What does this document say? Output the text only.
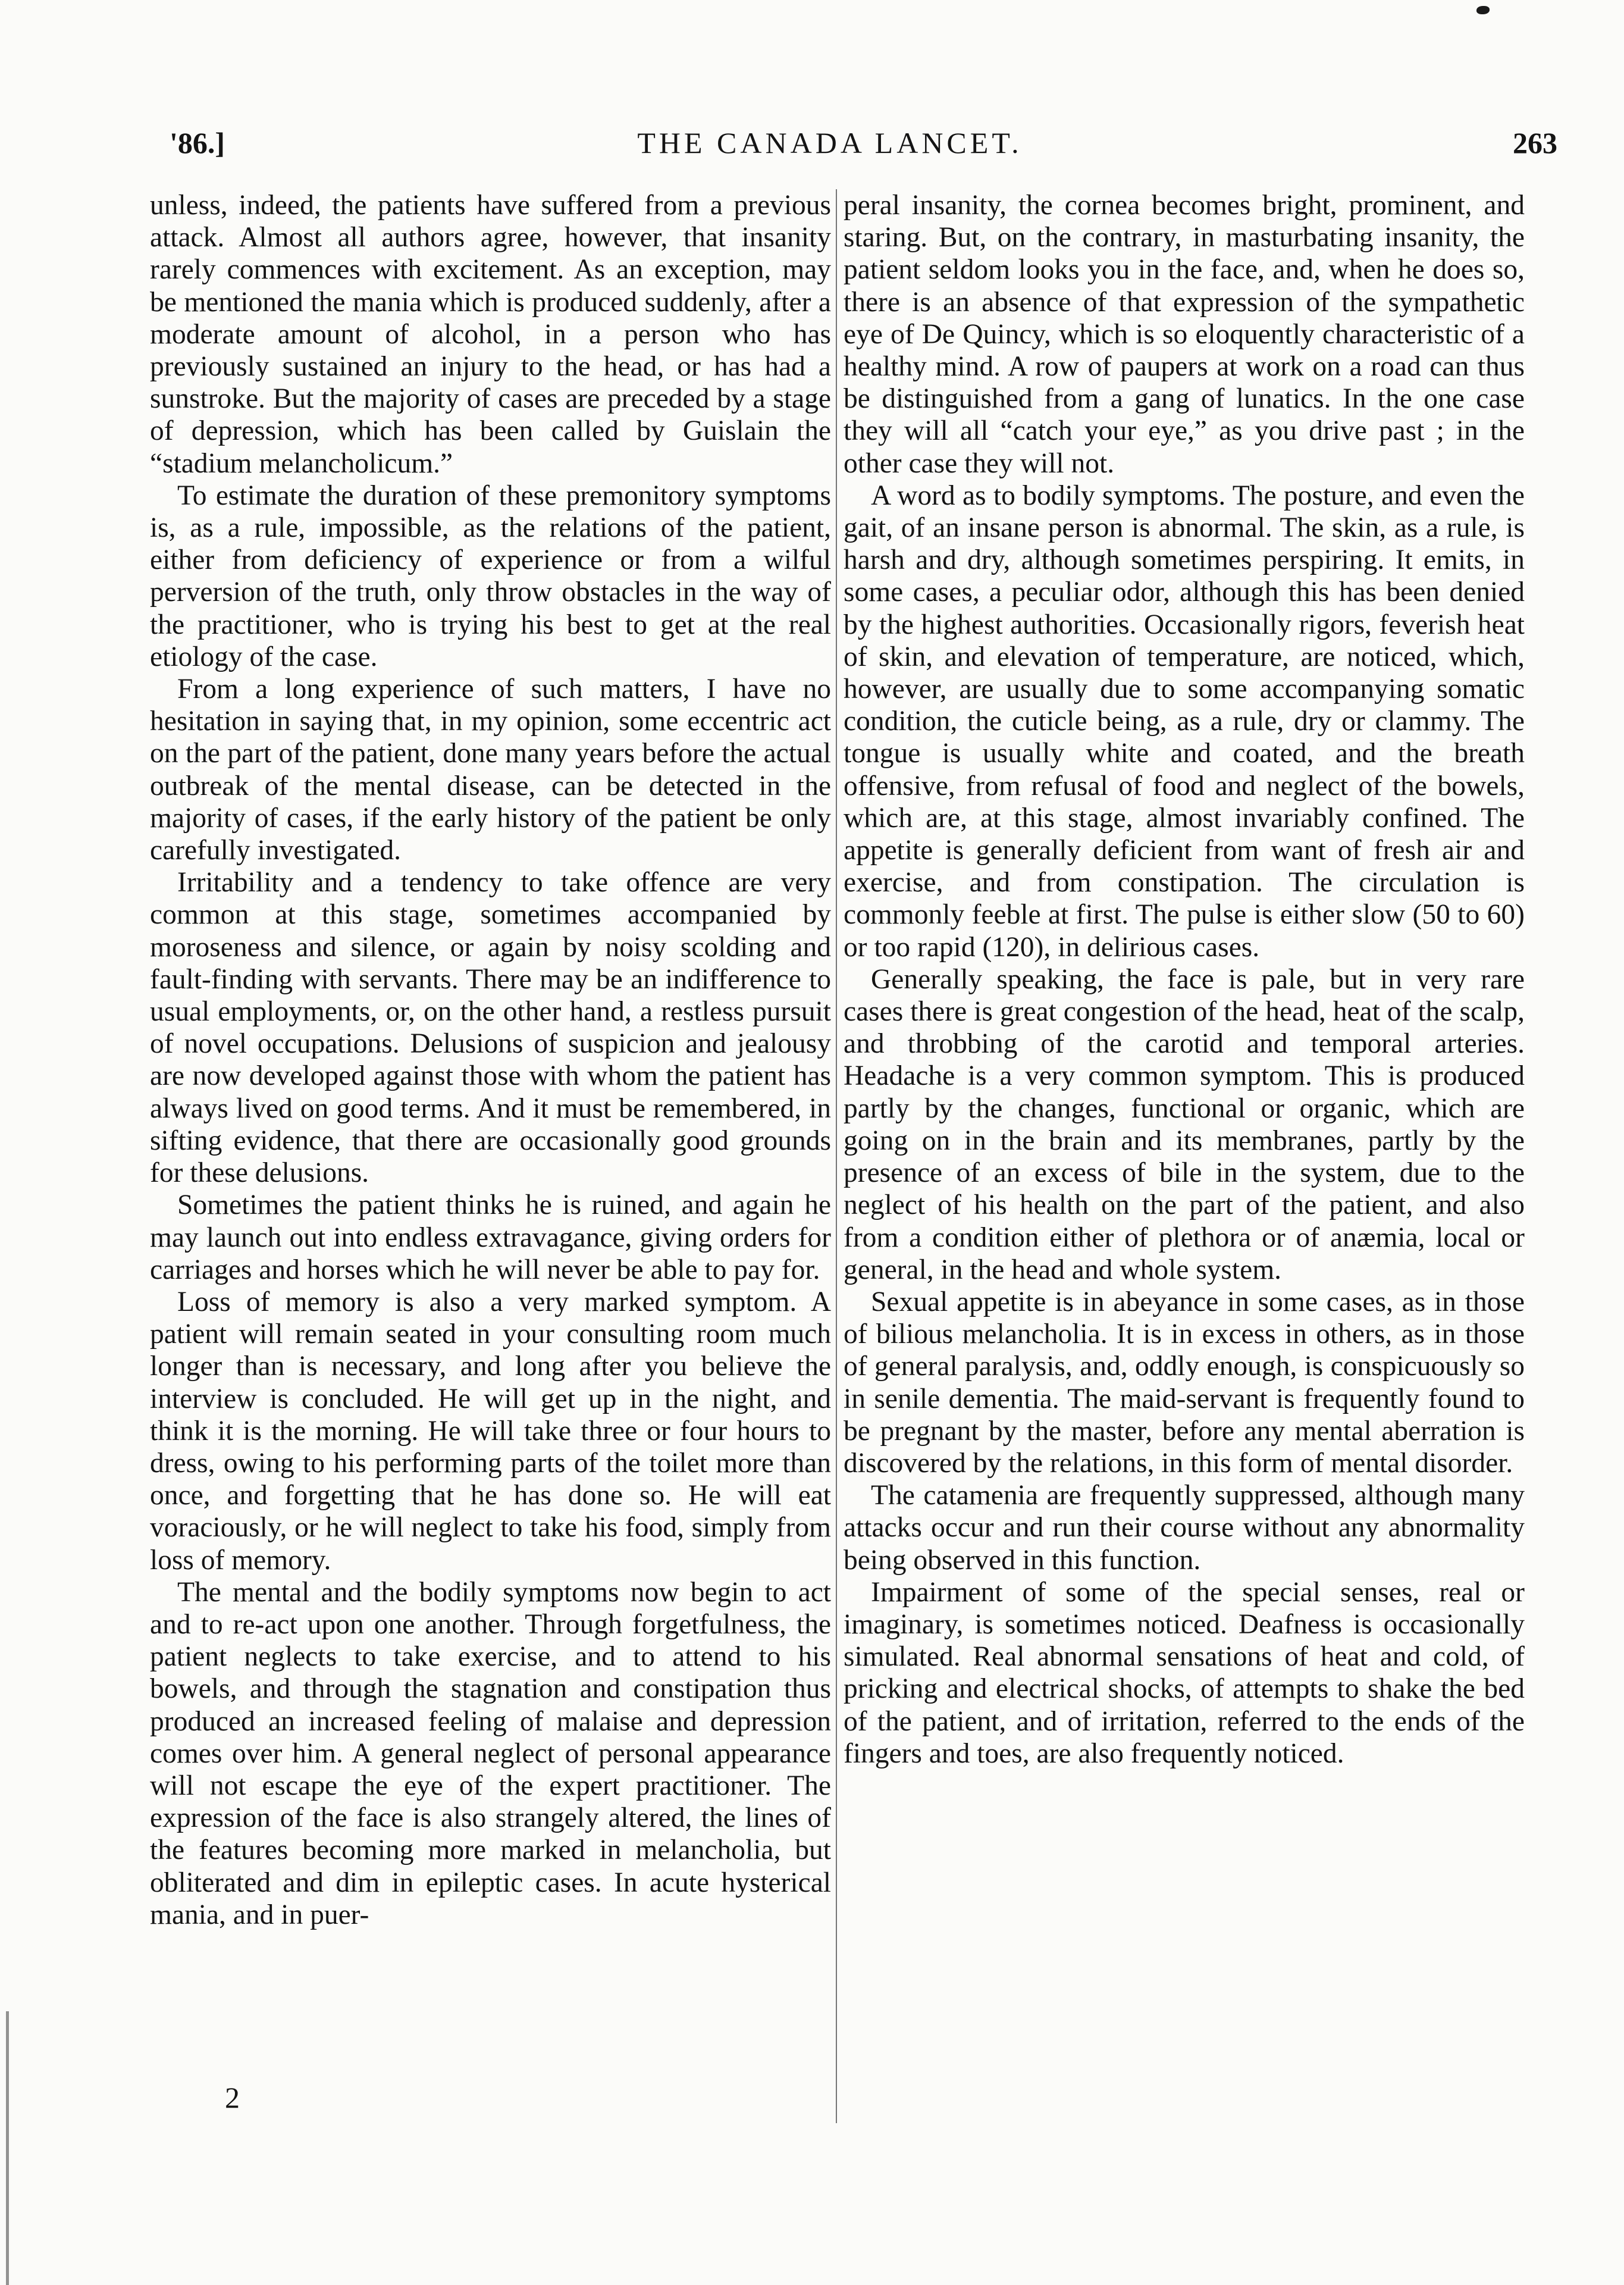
'86.]	THE CANADA LANCET.	263

unless, indeed, the patients have suffered from a previous attack. Almost all authors agree, however, that insanity rarely commences with excitement. As an exception, may be mentioned the mania which is produced suddenly, after a moderate amount of alcohol, in a person who has previously sustained an injury to the head, or has had a sunstroke. But the majority of cases are preceded by a stage of depression, which has been called by Guislain the “stadium melancholicum.”

To estimate the duration of these premonitory symptoms is, as a rule, impossible, as the relations of the patient, either from deficiency of experience or from a wilful perversion of the truth, only throw obstacles in the way of the practitioner, who is trying his best to get at the real etiology of the case.

From a long experience of such matters, I have no hesitation in saying that, in my opinion, some eccentric act on the part of the patient, done many years before the actual outbreak of the mental disease, can be detected in the majority of cases, if the early history of the patient be only carefully investigated.

Irritability and a tendency to take offence are very common at this stage, sometimes accompanied by moroseness and silence, or again by noisy scolding and fault-finding with servants. There may be an indifference to usual employments, or, on the other hand, a restless pursuit of novel occupations. Delusions of suspicion and jealousy are now developed against those with whom the patient has always lived on good terms. And it must be remembered, in sifting evidence, that there are occasionally good grounds for these delusions.

Sometimes the patient thinks he is ruined, and again he may launch out into endless extravagance, giving orders for carriages and horses which he will never be able to pay for.

Loss of memory is also a very marked symptom. A patient will remain seated in your consulting room much longer than is necessary, and long after you believe the interview is concluded. He will get up in the night, and think it is the morning. He will take three or four hours to dress, owing to his performing parts of the toilet more than once, and forgetting that he has done so. He will eat voraciously, or he will neglect to take his food, simply from loss of memory.

The mental and the bodily symptoms now begin to act and to re-act upon one another. Through forgetfulness, the patient neglects to take exercise, and to attend to his bowels, and through the stagnation and constipation thus produced an increased feeling of malaise and depression comes over him. A general neglect of personal appearance will not escape the eye of the expert practitioner. The expression of the face is also strangely altered, the lines of the features becoming more marked in melancholia, but obliterated and dim in epileptic cases. In acute hysterical mania, and in puer-

peral insanity, the cornea becomes bright, prominent, and staring. But, on the contrary, in masturbating insanity, the patient seldom looks you in the face, and, when he does so, there is an absence of that expression of the sympathetic eye of De Quincy, which is so eloquently characteristic of a healthy mind. A row of paupers at work on a road can thus be distinguished from a gang of lunatics. In the one case they will all “catch your eye,” as you drive past ; in the other case they will not.

A word as to bodily symptoms. The posture, and even the gait, of an insane person is abnormal. The skin, as a rule, is harsh and dry, although sometimes perspiring. It emits, in some cases, a peculiar odor, although this has been denied by the highest authorities. Occasionally rigors, feverish heat of skin, and elevation of temperature, are noticed, which, however, are usually due to some accompanying somatic condition, the cuticle being, as a rule, dry or clammy. The tongue is usually white and coated, and the breath offensive, from refusal of food and neglect of the bowels, which are, at this stage, almost invariably confined. The appetite is generally deficient from want of fresh air and exercise, and from constipation. The circulation is commonly feeble at first. The pulse is either slow (50 to 60) or too rapid (120), in delirious cases.

Generally speaking, the face is pale, but in very rare cases there is great congestion of the head, heat of the scalp, and throbbing of the carotid and temporal arteries. Headache is a very common symptom. This is produced partly by the changes, functional or organic, which are going on in the brain and its membranes, partly by the presence of an excess of bile in the system, due to the neglect of his health on the part of the patient, and also from a condition either of plethora or of anæmia, local or general, in the head and whole system.

Sexual appetite is in abeyance in some cases, as in those of bilious melancholia. It is in excess in others, as in those of general paralysis, and, oddly enough, is conspicuously so in senile dementia. The maid-servant is frequently found to be pregnant by the master, before any mental aberration is discovered by the relations, in this form of mental disorder.

The catamenia are frequently suppressed, although many attacks occur and run their course without any abnormality being observed in this function.

Impairment of some of the special senses, real or imaginary, is sometimes noticed. Deafness is occasionally simulated. Real abnormal sensations of heat and cold, of pricking and electrical shocks, of attempts to shake the bed of the patient, and of irritation, referred to the ends of the fingers and toes, are also frequently noticed.

2
